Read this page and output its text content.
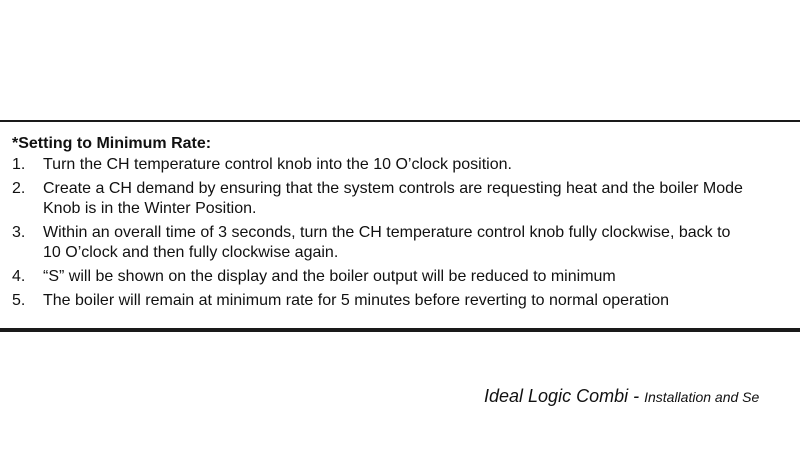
*Setting to Minimum Rate:

1. Turn the CH temperature control knob into the 10 O’clock position.
2. Create a CH demand by ensuring that the system controls are requesting heat and the boiler Mode
Knob is in the Winter Position.
3. Within an overall time of 3 seconds, turn the CH temperature control knob fully clockwise, back to
10 O’clock and then fully clockwise again.
4. “S” will be shown on the display and the boiler output will be reduced to minimum
5. The boiler will remain at minimum rate for 5 minutes before reverting to normal operation
Ideal Logic Combi - Installation and Se
